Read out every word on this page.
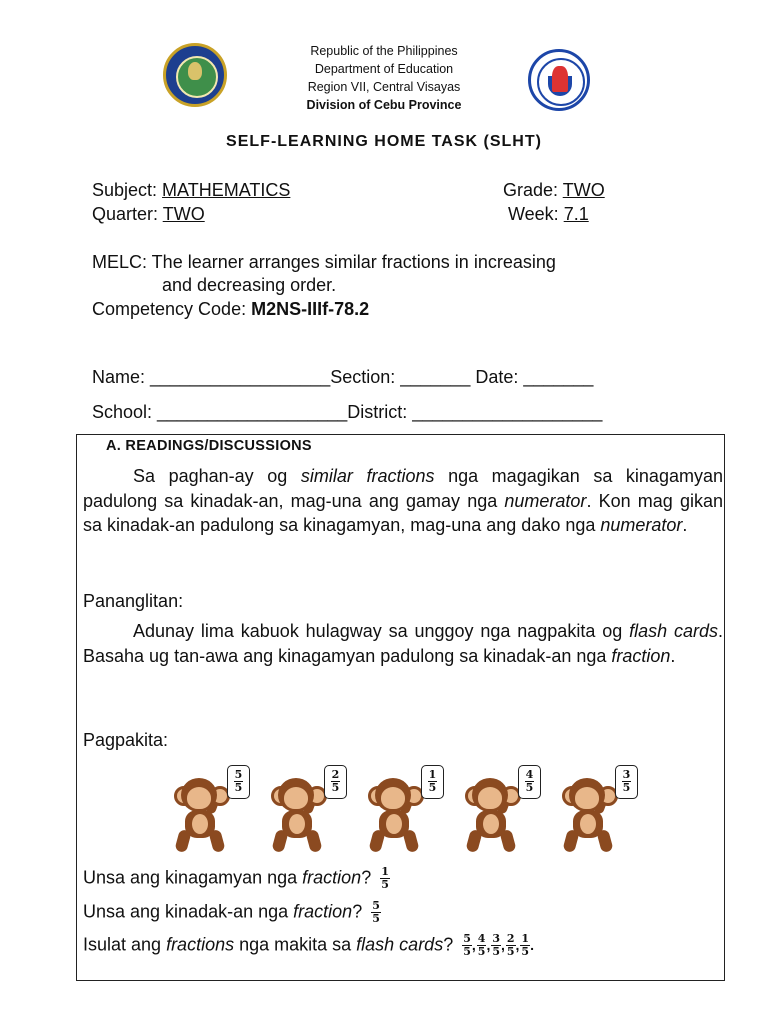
Republic of the Philippines
Department of Education
Region VII, Central Visayas
Division of Cebu Province
SELF-LEARNING HOME TASK (SLHT)
Subject: MATHEMATICS	Grade: TWO
Quarter: TWO	Week: 7.1
MELC: The learner arranges similar fractions in increasing
and decreasing order.
Competency Code: M2NS-IIIf-78.2
Name: __________________Section: _______ Date: _______
School: ___________________District: ___________________
A. READINGS/DISCUSSIONS
Sa paghan-ay og similar fractions nga magagikan sa kinagamyan padulong sa kinadak-an, mag-una ang gamay nga numerator. Kon mag gikan sa kinadak-an padulong sa kinagamyan, mag-una ang dako nga numerator.
Pananglitan:
Adunay lima kabuok hulagway sa unggoy nga nagpakita og flash cards. Basaha ug tan-awa ang kinagamyan padulong sa kinadak-an nga fraction.
Pagpakita:
$\frac{5}{5}$	$\frac{2}{5}$	$\frac{1}{5}$	$\frac{4}{5}$	$\frac{3}{5}$
Unsa ang kinagamyan nga fraction? $\frac{1}{5}$
Unsa ang kinadak-an nga fraction? $\frac{5}{5}$
Isulat ang fractions nga makita sa flash cards? $\frac{5}{5}$ , $\frac{4}{5}$ , $\frac{3}{5}$ , $\frac{2}{5}$ , $\frac{1}{5}$ .
